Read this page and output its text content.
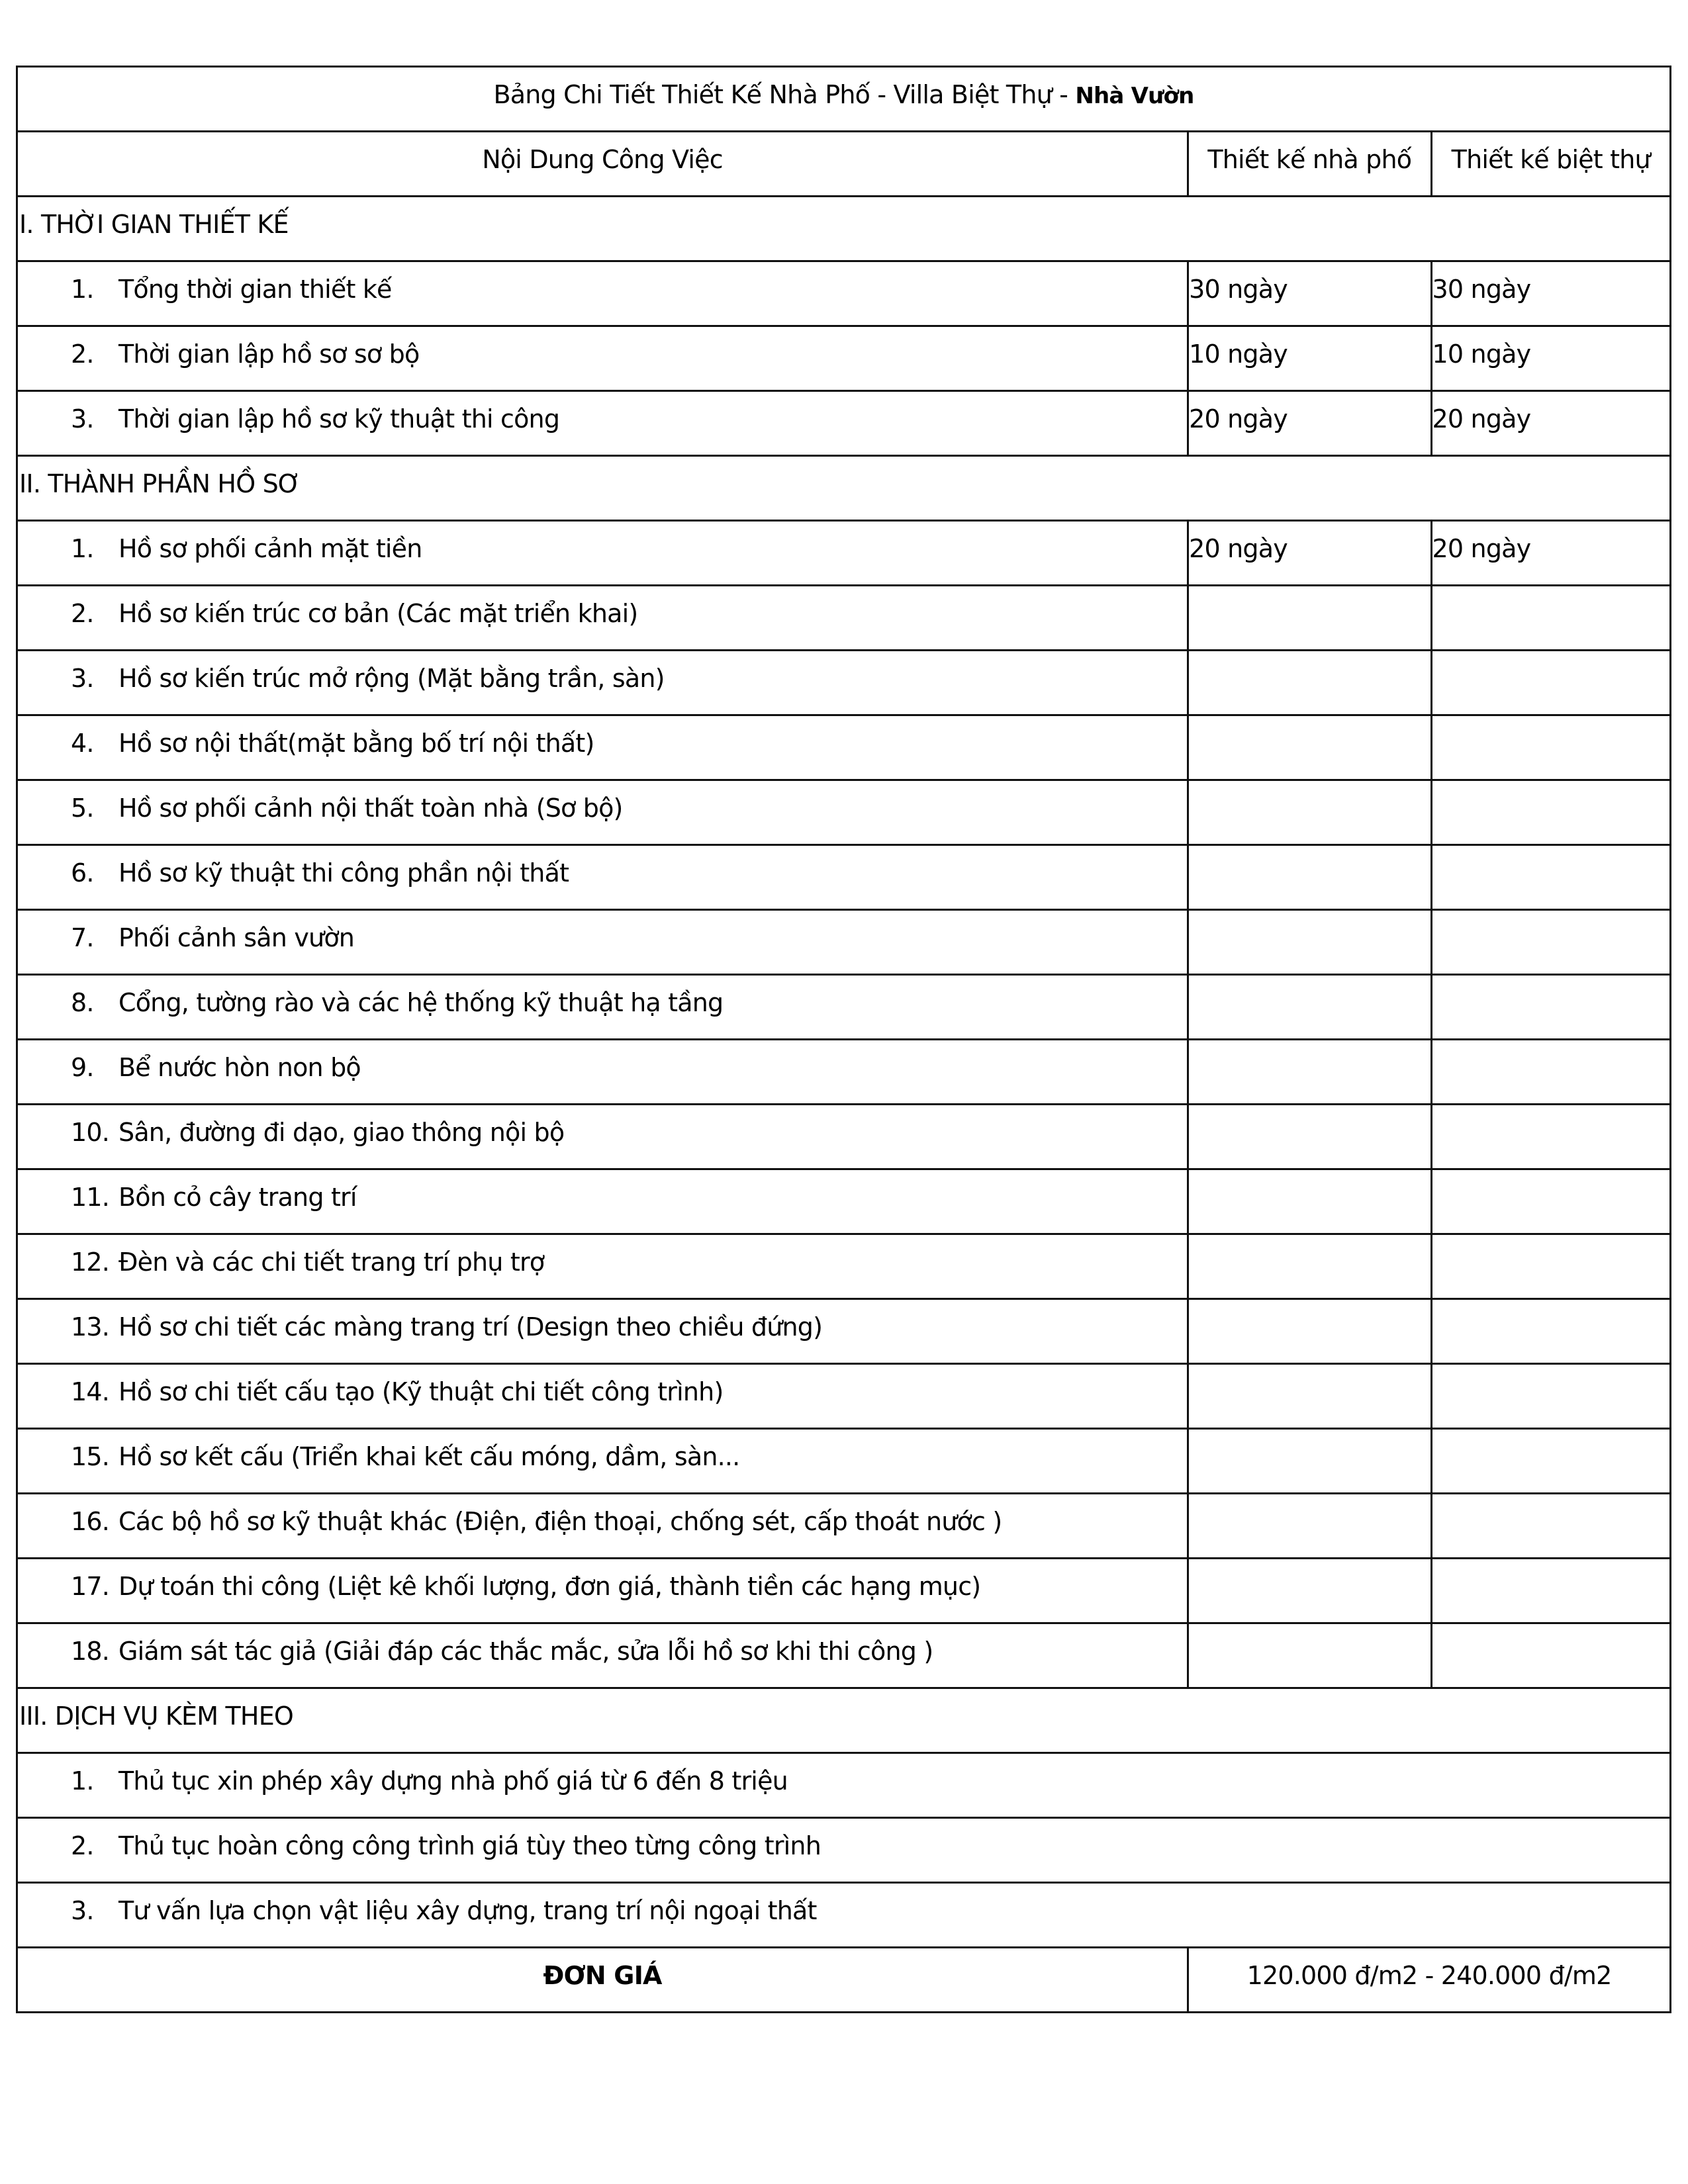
Bảng Chi Tiết Thiết Kế Nhà Phố - Villa Biệt Thự - Nhà Vườn		

Nội Dung Công Việc	Thiết kế nhà phố	Thiết kế biệt thự

I. THỜI GIAN THIẾT KẾ		

1. Tổng thời gian thiết kế	30 ngày	30 ngày

2. Thời gian lập hồ sơ sơ bộ	10 ngày	10 ngày

3. Thời gian lập hồ sơ kỹ thuật thi công	20 ngày	20 ngày

II. THÀNH PHẦN HỒ SƠ		

1. Hồ sơ phối cảnh mặt tiền	20 ngày	20 ngày

2. Hồ sơ kiến trúc cơ bản (Các mặt triển khai)		

3. Hồ sơ kiến trúc mở rộng (Mặt bằng trần, sàn)		

4. Hồ sơ nội thất(mặt bằng bố trí nội thất)		

5. Hồ sơ phối cảnh nội thất toàn nhà (Sơ bộ)		

6. Hồ sơ kỹ thuật thi công phần nội thất		

7. Phối cảnh sân vườn		

8. Cổng, tường rào và các hệ thống kỹ thuật hạ tầng		

9. Bể nước hòn non bộ		

10. Sân, đường đi dạo, giao thông nội bộ		

11. Bồn cỏ cây trang trí		

12. Đèn và các chi tiết trang trí phụ trợ		

13. Hồ sơ chi tiết các màng trang trí (Design theo chiều đứng)		

14. Hồ sơ chi tiết cấu tạo (Kỹ thuật chi tiết công trình)		

15. Hồ sơ kết cấu (Triển khai kết cấu móng, dầm, sàn...		

16. Các bộ hồ sơ kỹ thuật khác (Điện, điện thoại, chống sét, cấp thoát nước )		

17. Dự toán thi công (Liệt kê khối lượng, đơn giá, thành tiền các hạng mục)		

18. Giám sát tác giả (Giải đáp các thắc mắc, sửa lỗi hồ sơ khi thi công )		

III. DỊCH VỤ KÈM THEO		

1. Thủ tục xin phép xây dựng nhà phố giá từ 6 đến 8 triệu		

2. Thủ tục hoàn công công trình giá tùy theo từng công trình		

3. Tư vấn lựa chọn vật liệu xây dựng, trang trí nội ngoại thất		

ĐƠN GIÁ	120.000 đ/m2 - 240.000 đ/m2	
